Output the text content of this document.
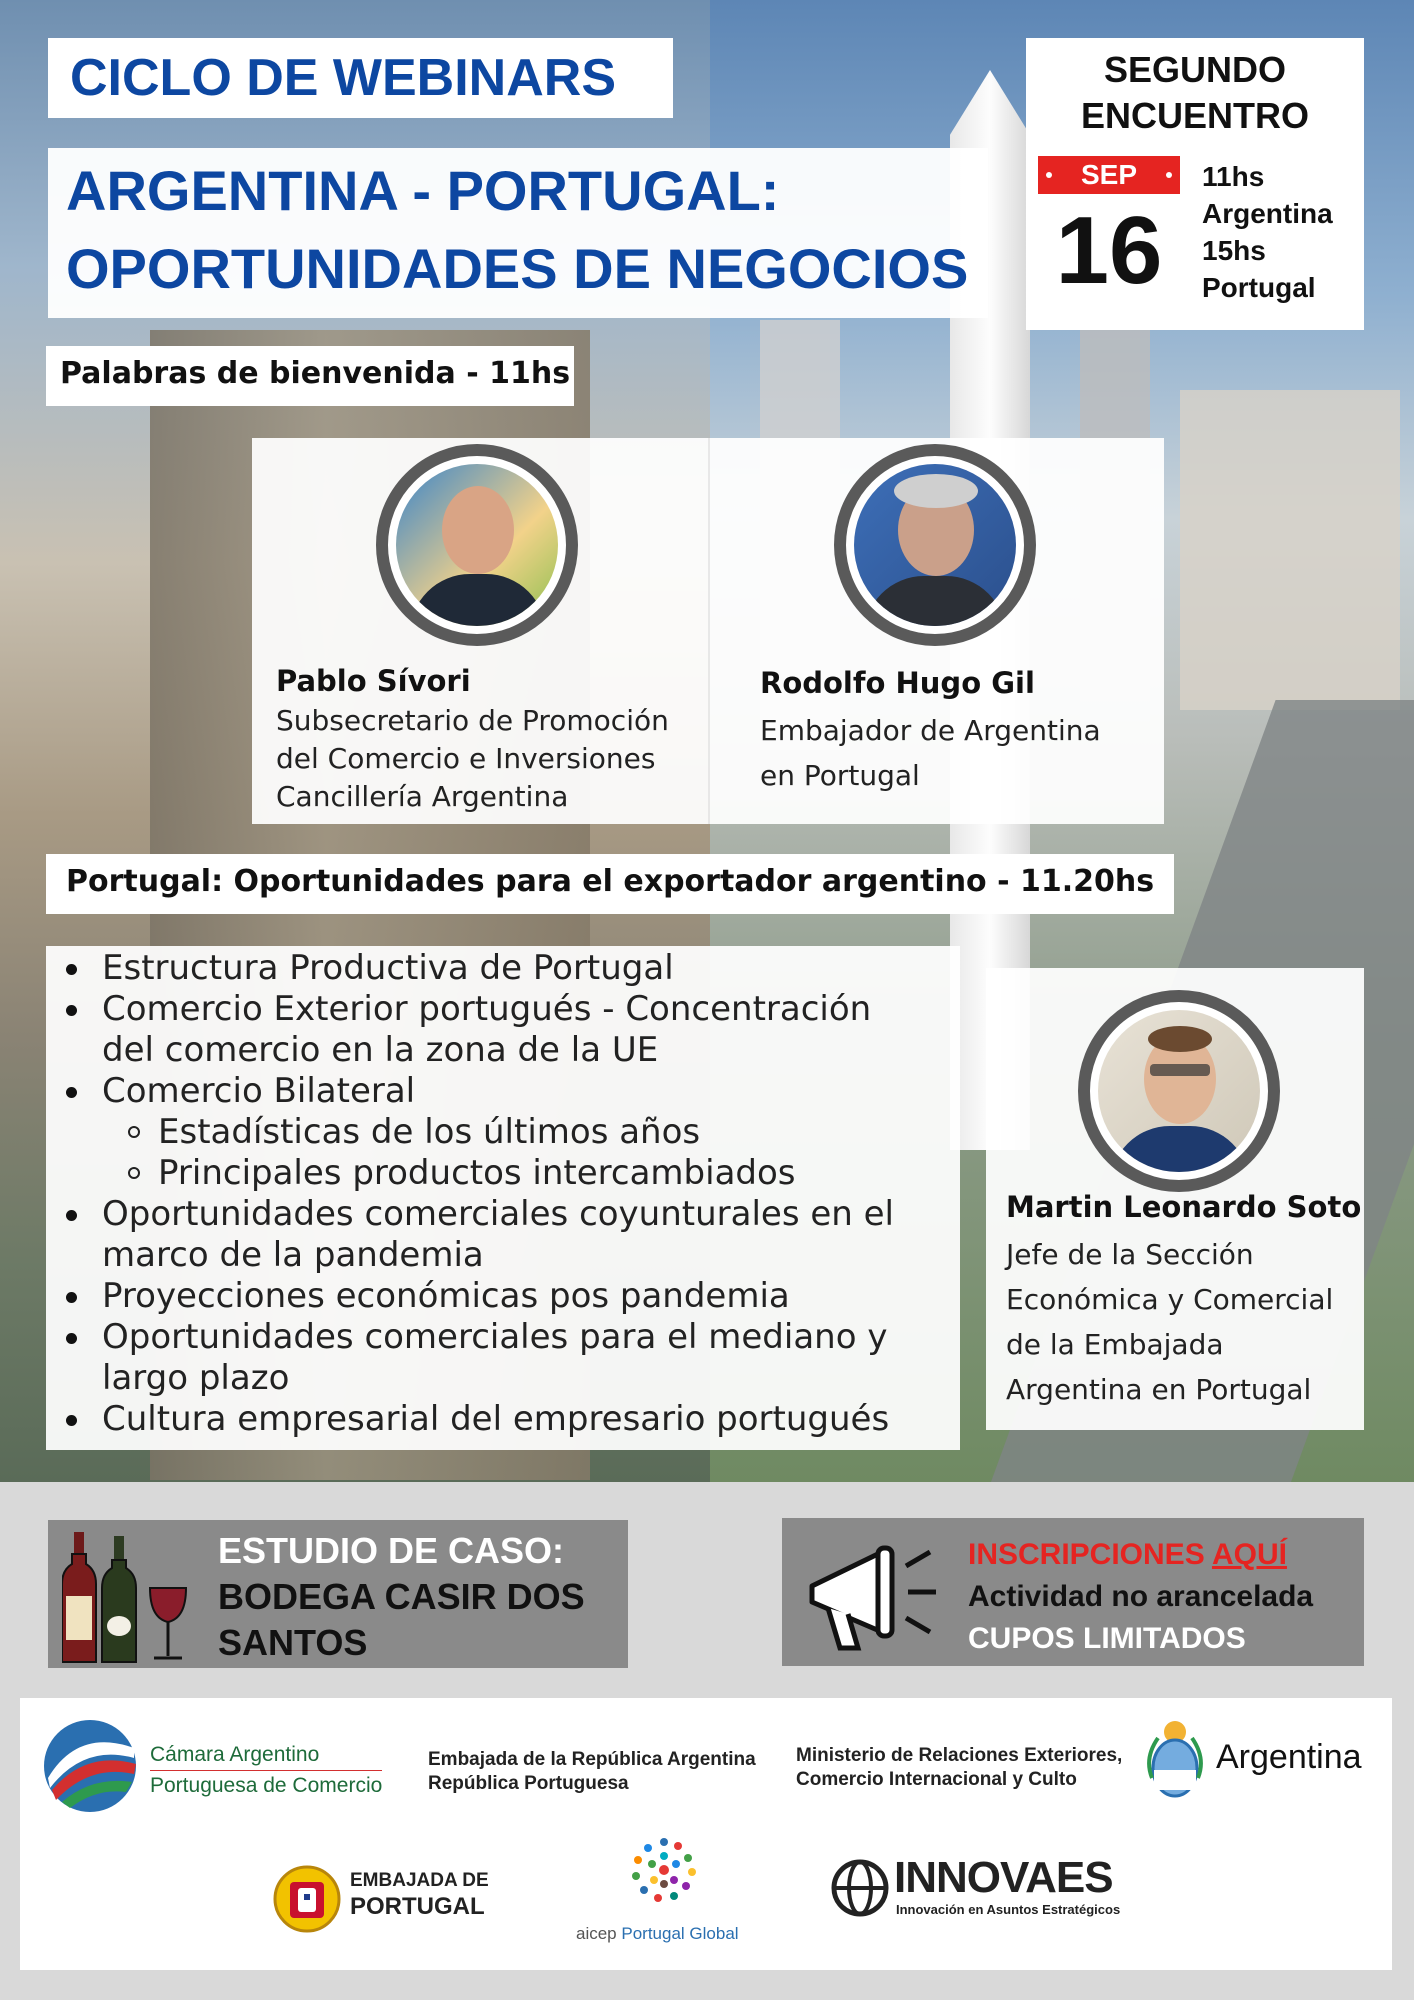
CICLO DE WEBINARS
ARGENTINA - PORTUGAL:
OPORTUNIDADES DE NEGOCIOS
SEGUNDO
ENCUENTRO
SEP
16
11hs
Argentina
15hs
Portugal
Palabras de bienvenida - 11hs
Pablo Sívori
Subsecretario de Promoción
del Comercio e Inversiones
Cancillería Argentina
Rodolfo Hugo Gil
Embajador de Argentina
en Portugal
Portugal: Oportunidades para el exportador argentino - 11.20hs
Estructura Productiva de Portugal
Comercio Exterior portugués - Concentración
del comercio en la zona de la UE
Comercio Bilateral
Estadísticas de los últimos años
Principales productos intercambiados
Oportunidades comerciales coyunturales en el
marco de la pandemia
Proyecciones económicas pos pandemia
Oportunidades comerciales para el mediano y
largo plazo
Cultura empresarial del empresario portugués
Martin Leonardo Soto
Jefe de la Sección
Económica y Comercial
de la Embajada
Argentina en Portugal
ESTUDIO DE CASO:
BODEGA CASIR DOS
SANTOS
INSCRIPCIONES AQUÍ
Actividad no arancelada
CUPOS LIMITADOS
Cámara Argentino
Portuguesa de Comercio
Embajada de la República Argentina
República Portuguesa
Ministerio de Relaciones Exteriores,
Comercio Internacional y Culto
Argentina
EMBAJADA DE
PORTUGAL
aicep Portugal Global
INNOVAES
Innovación en Asuntos Estratégicos
